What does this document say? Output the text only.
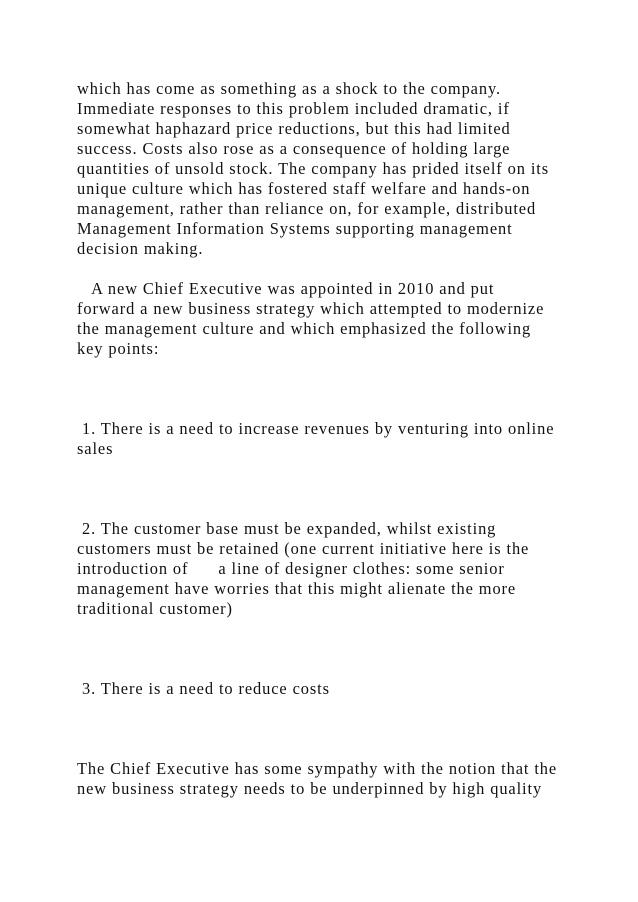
which has come as something as a shock to the company.

Immediate responses to this problem included dramatic, if

somewhat haphazard price reductions, but this had limited

success. Costs also rose as a consequence of holding large

quantities of unsold stock. The company has prided itself on its

unique culture which has fostered staff welfare and hands-on

management, rather than reliance on, for example, distributed

Management Information Systems supporting management

decision making.

A new Chief Executive was appointed in 2010 and put

forward a new business strategy which attempted to modernize

the management culture and which emphasized the following

key points:

1. There is a need to increase revenues by venturing into online

sales

2. The customer base must be expanded, whilst existing

customers must be retained (one current initiative here is the

introduction of      a line of designer clothes: some senior

management have worries that this might alienate the more

traditional customer)

3. There is a need to reduce costs

The Chief Executive has some sympathy with the notion that the

new business strategy needs to be underpinned by high quality
